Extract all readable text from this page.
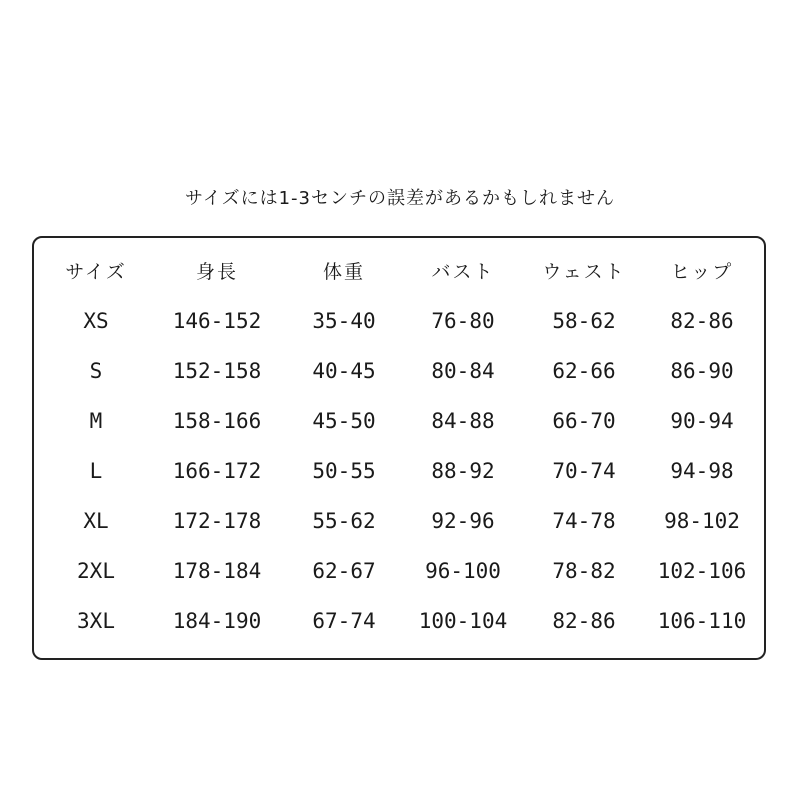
サイズには1-3センチの誤差があるかもしれません
サイズ	身長	体重	バスト	ウェスト	ヒップ
XS	146-152	35-40	76-80	58-62	82-86
S	152-158	40-45	80-84	62-66	86-90
M	158-166	45-50	84-88	66-70	90-94
L	166-172	50-55	88-92	70-74	94-98
XL	172-178	55-62	92-96	74-78	98-102
2XL	178-184	62-67	96-100	78-82	102-106
3XL	184-190	67-74	100-104	82-86	106-110
